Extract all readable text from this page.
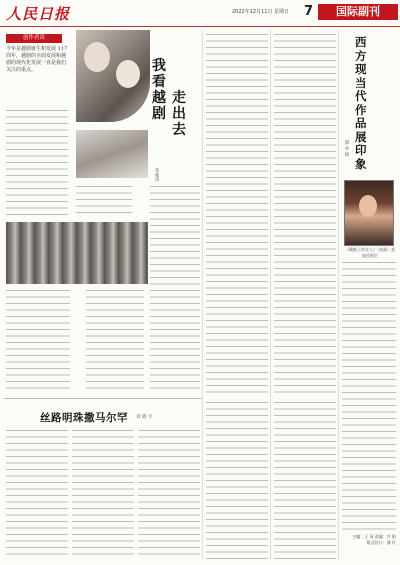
人民日报	2022年12月11日 星期日 7	国际副刊
创作者谈
今年是越剧诞生和发展 117 周年，越剧的全面发展和越剧的现代化发展一直是我们关注的重点。	我看越剧
走出去
茅威涛
丝路明珠撒马尔罕 刘 晓 宇
西方现当代作品展印象
邵 亦 杨
《戴帽子的女人》（油画）莫迪里阿尼
主编：王 珂 责编：许 阳
版式设计：潘 红
